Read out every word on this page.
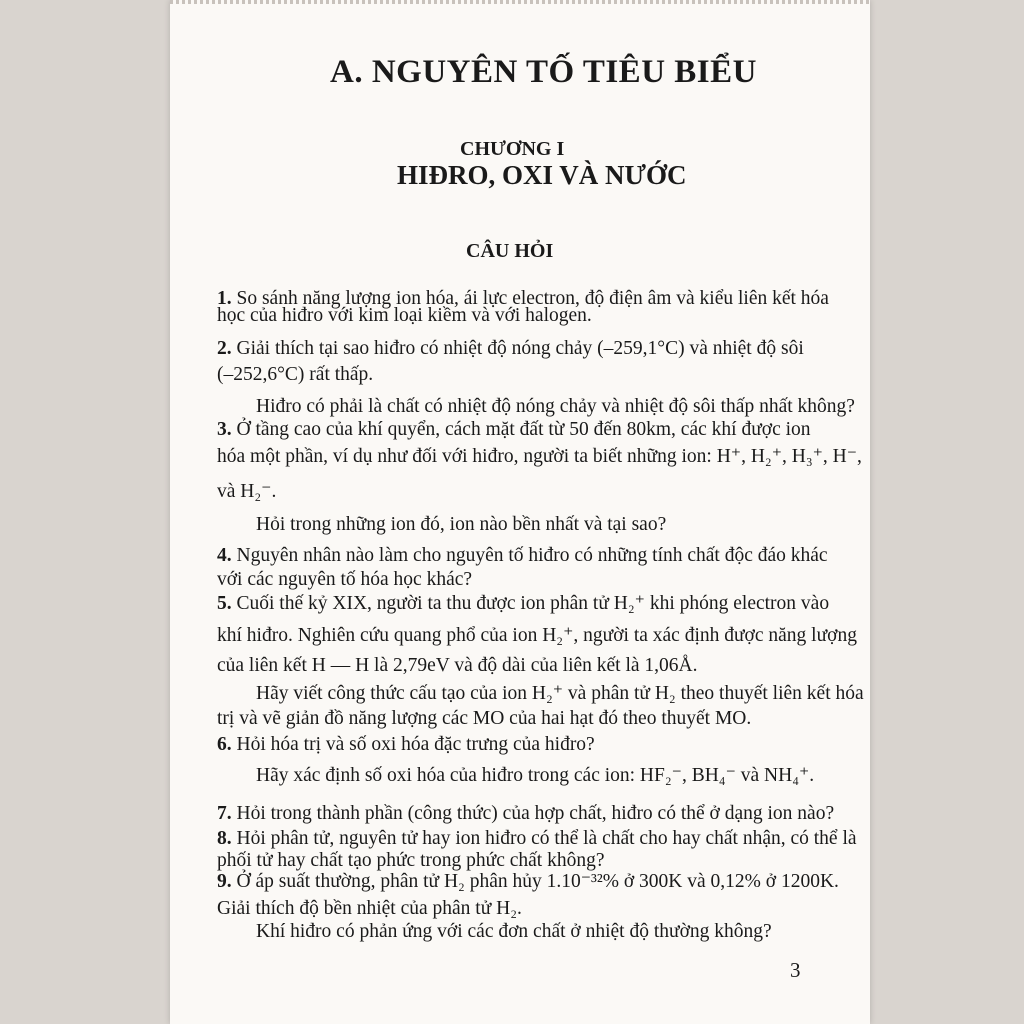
A. NGUYÊN TỐ TIÊU BIỂU
CHƯƠNG I
HIĐRO, OXI VÀ NƯỚC
CÂU HỎI
1. So sánh năng lượng ion hóa, ái lực electron, độ điện âm và kiểu liên kết hóa
học của hiđro với kim loại kiềm và với halogen.
2. Giải thích tại sao hiđro có nhiệt độ nóng chảy (–259,1°C) và nhiệt độ sôi
(–252,6°C) rất thấp.
Hiđro có phải là chất có nhiệt độ nóng chảy và nhiệt độ sôi thấp nhất không?
3. Ở tầng cao của khí quyển, cách mặt đất từ 50 đến 80km, các khí được ion
hóa một phần, ví dụ như đối với hiđro, người ta biết những ion: H⁺, H₂⁺, H₃⁺, H⁻,
và H₂⁻.
Hỏi trong những ion đó, ion nào bền nhất và tại sao?
4. Nguyên nhân nào làm cho nguyên tố hiđro có những tính chất độc đáo khác
với các nguyên tố hóa học khác?
5. Cuối thế kỷ XIX, người ta thu được ion phân tử H₂⁺ khi phóng electron vào
khí hiđro. Nghiên cứu quang phổ của ion H₂⁺, người ta xác định được năng lượng
của liên kết H — H là 2,79eV và độ dài của liên kết là 1,06Å.
Hãy viết công thức cấu tạo của ion H₂⁺ và phân tử H₂ theo thuyết liên kết hóa
trị và vẽ giản đồ năng lượng các MO của hai hạt đó theo thuyết MO.
6. Hỏi hóa trị và số oxi hóa đặc trưng của hiđro?
Hãy xác định số oxi hóa của hiđro trong các ion: HF₂⁻, BH₄⁻ và NH₄⁺.
7. Hỏi trong thành phần (công thức) của hợp chất, hiđro có thể ở dạng ion nào?
8. Hỏi phân tử, nguyên tử hay ion hiđro có thể là chất cho hay chất nhận, có thể là
phối tử hay chất tạo phức trong phức chất không?
9. Ở áp suất thường, phân tử H₂ phân hủy 1.10⁻³²% ở 300K và 0,12% ở 1200K.
Giải thích độ bền nhiệt của phân tử H₂.
Khí hiđro có phản ứng với các đơn chất ở nhiệt độ thường không?
3
